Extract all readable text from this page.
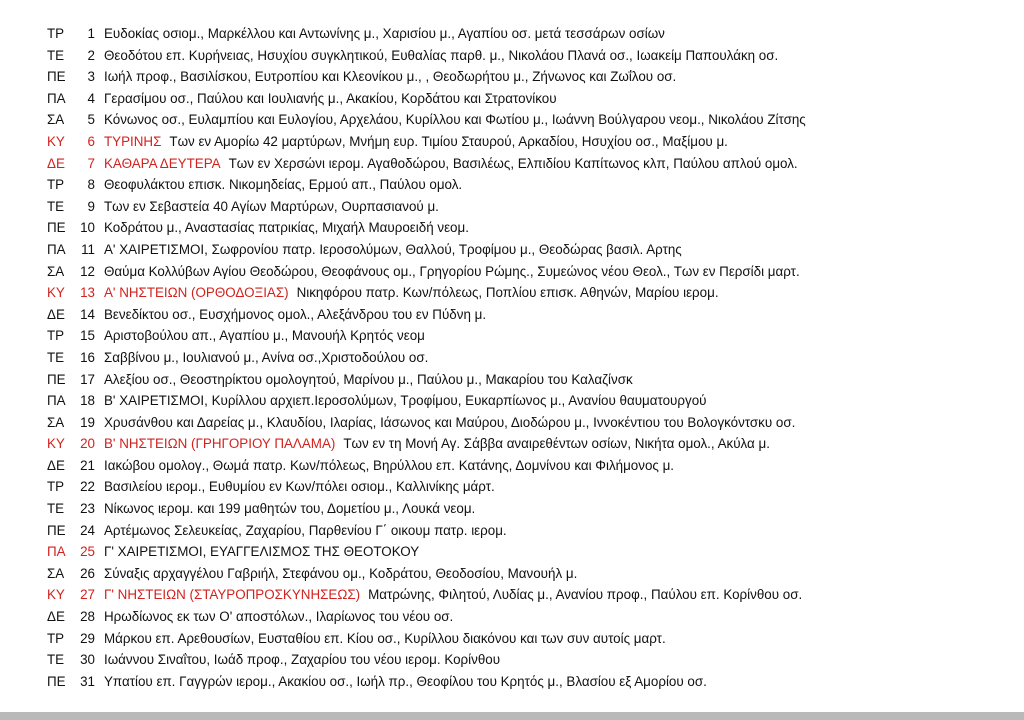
ΤΡ	1 Ευδοκίας οσιομ., Μαρκέλλου και Αντωνίνης μ., Χαρισίου μ., Αγαπίου οσ. μετά τεσσάρων οσίων
ΤΕ	2 Θεοδότου επ. Κυρήνειας, Ησυχίου συγκλητικού, Ευθαλίας παρθ. μ., Νικολάου Πλανά οσ., Ιωακείμ Παπουλάκη οσ.
ΠΕ	3 Ιωήλ προφ., Βασιλίσκου, Ευτροπίου και Κλεονίκου μ., , Θεοδωρήτου μ., Ζήνωνος και Ζωΐλου οσ.
ΠΑ	4 Γερασίμου οσ., Παύλου και Ιουλιανής μ., Ακακίου, Κορδάτου και Στρατονίκου
ΣΑ	5 Κόνωνος οσ., Ευλαμπίου και Ευλογίου, Αρχελάου, Κυρίλλου και Φωτίου μ., Ιωάννη Βούλγαρου νεομ., Νικολάου Ζίτσης
ΚΥ	6 ΤΥΡΙΝΗΣ Των εν Αμορίω 42 μαρτύρων, Μνήμη ευρ. Τιμίου Σταυρού, Αρκαδίου, Ησυχίου οσ., Μαξίμου μ.
ΔΕ	7 ΚΑΘΑΡΑ ΔΕΥΤΕΡΑ Των εν Χερσώνι ιερομ. Αγαθοδώρου, Βασιλέως, Ελπιδίου Καπίτωνος κλπ, Παύλου απλού ομολ.
ΤΡ	8 Θεοφυλάκτου επισκ. Νικομηδείας, Ερμού απ., Παύλου ομολ.
ΤΕ	9 Των εν Σεβαστεία 40 Αγίων Μαρτύρων, Ουρπασιανού μ.
ΠΕ	10 Κοδράτου μ., Αναστασίας πατρικίας, Μιχαήλ Μαυροειδή νεομ.
ΠΑ	11 Α' ΧΑΙΡΕΤΙΣΜΟΙ, Σωφρονίου πατρ. Ιεροσολύμων, Θαλλού, Τροφίμου μ., Θεοδώρας βασιλ. Αρτης
ΣΑ	12 Θαύμα Κολλύβων Αγίου Θεοδώρου, Θεοφάνους ομ., Γρηγορίου Ρώμης., Συμεώνος νέου Θεολ., Των εν Περσίδι μαρτ.
ΚΥ	13 Α' ΝΗΣΤΕΙΩΝ (ΟΡΘΟΔΟΞΙΑΣ) Νικηφόρου πατρ. Κων/πόλεως, Ποπλίου επισκ. Αθηνών, Μαρίου ιερομ.
ΔΕ	14 Βενεδίκτου οσ., Ευσχήμονος ομολ., Αλεξάνδρου του εν Πύδνη μ.
ΤΡ	15 Αριστοβούλου απ., Αγαπίου μ., Μανουήλ Κρητός νεομ
ΤΕ	16 Σαββίνου μ., Ιουλιανού μ., Ανίνα οσ.,Χριστοδούλου οσ.
ΠΕ	17 Αλεξίου οσ., Θεοστηρίκτου ομολογητού, Μαρίνου μ., Παύλου μ., Μακαρίου του Καλαζίνσκ
ΠΑ	18 Β' ΧΑΙΡΕΤΙΣΜΟΙ, Κυρίλλου αρχιεπ.Ιεροσολύμων, Τροφίμου, Ευκαρπίωνος μ., Ανανίου θαυματουργού
ΣΑ	19 Χρυσάνθου και Δαρείας μ., Κλαυδίου, Ιλαρίας, Ιάσωνος και Μαύρου, Διοδώρου μ., Ιννοκέντιου του Βολογκόντσκυ οσ.
ΚΥ	20 Β' ΝΗΣΤΕΙΩΝ (ΓΡΗΓΟΡΙΟΥ ΠΑΛΑΜΑ) Των εν τη Μονή Αγ. Σάββα αναιρεθέντων οσίων, Νικήτα ομολ., Ακύλα μ.
ΔΕ	21 Ιακώβου ομολογ., Θωμά πατρ. Κων/πόλεως, Βηρύλλου επ. Κατάνης, Δομνίνου και Φιλήμονος μ.
ΤΡ	22 Βασιλείου ιερομ., Ευθυμίου εν Κων/πόλει οσιομ., Καλλινίκης μάρτ.
ΤΕ	23 Νίκωνος ιερομ. και 199 μαθητών του, Δομετίου μ., Λουκά νεομ.
ΠΕ	24 Αρτέμωνος Σελευκείας, Ζαχαρίου, Παρθενίου Γ΄ οικουμ πατρ. ιερομ.
ΠΑ	25 Γ' ΧΑΙΡΕΤΙΣΜΟΙ, ΕΥΑΓΓΕΛΙΣΜΟΣ ΤΗΣ ΘΕΟΤΟΚΟΥ
ΣΑ	26 Σύναξις αρχαγγέλου Γαβριήλ, Στεφάνου ομ., Κοδράτου, Θεοδοσίου, Μανουήλ μ.
ΚΥ	27 Γ' ΝΗΣΤΕΙΩΝ (ΣΤΑΥΡΟΠΡΟΣΚΥΝΗΣΕΩΣ) Ματρώνης, Φιλητού, Λυδίας μ., Ανανίου προφ., Παύλου επ. Κορίνθου οσ.
ΔΕ	28 Ηρωδίωνος εκ των Ο' αποστόλων., Ιλαρίωνος του νέου οσ.
ΤΡ	29 Μάρκου επ. Αρεθουσίων, Ευσταθίου επ. Κίου οσ., Κυρίλλου διακόνου και των συν αυτοίς μαρτ.
ΤΕ	30 Ιωάννου Σιναΐτου, Ιωάδ προφ., Ζαχαρίου του νέου ιερομ. Κορίνθου
ΠΕ	31 Υπατίου επ. Γαγγρών ιερομ., Ακακίου οσ., Ιωήλ πρ., Θεοφίλου του Κρητός μ., Βλασίου εξ Αμορίου οσ.
